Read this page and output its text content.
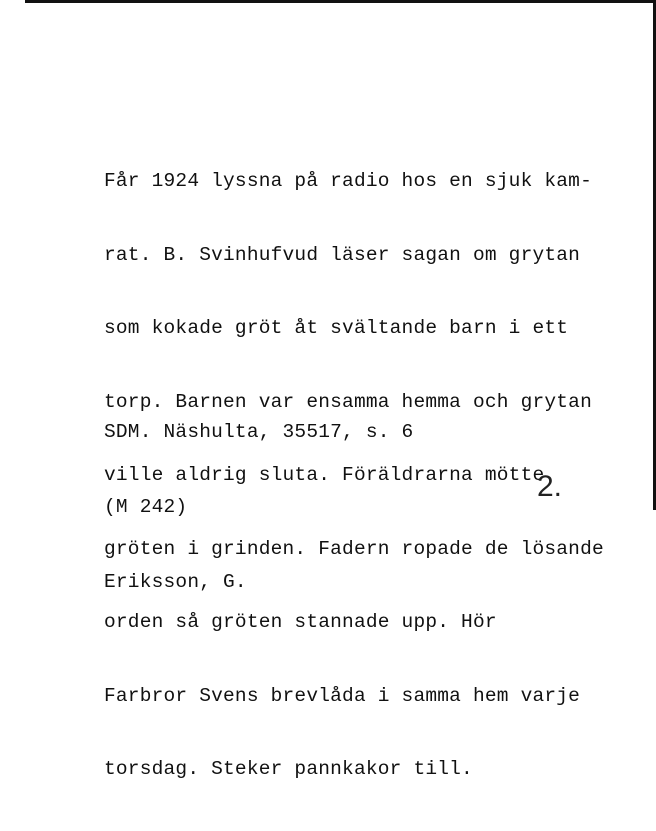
Får 1924 lyssna på radio hos en sjuk kam-

rat. B. Svinhufvud läser sagan om grytan

som kokade gröt åt svältande barn i ett

torp. Barnen var ensamma hemma och grytan

ville aldrig sluta. Föräldrarna mötte

gröten i grinden. Fadern ropade de lösande

orden så gröten stannade upp. Hör

Farbror Svens brevlåda i samma hem varje

torsdag. Steker pannkakor till.

SDM. Näshulta, 35517, s. 6

(M 242)

Eriksson, G.

2.
